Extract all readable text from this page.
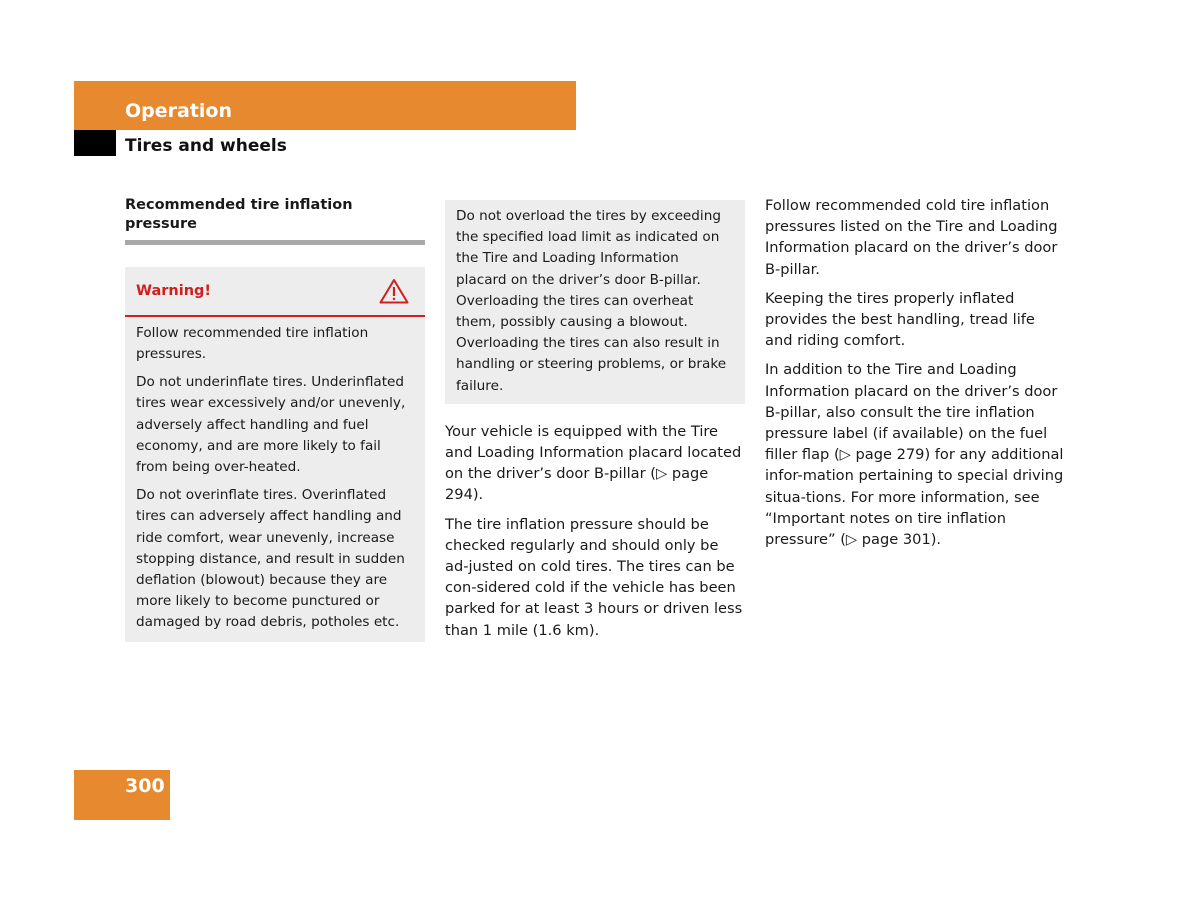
Operation
Tires and wheels
Recommended tire inflation pressure
Warning!

Follow recommended tire inflation pressures.

Do not underinflate tires. Underinflated tires wear excessively and/or unevenly, adversely affect handling and fuel economy, and are more likely to fail from being over-heated.

Do not overinflate tires. Overinflated tires can adversely affect handling and ride comfort, wear unevenly, increase stopping distance, and result in sudden deflation (blowout) because they are more likely to become punctured or damaged by road debris, potholes etc.

Do not overload the tires by exceeding the specified load limit as indicated on the Tire and Loading Information placard on the driver’s door B-pillar. Overloading the tires can overheat them, possibly causing a blowout. Overloading the tires can also result in handling or steering problems, or brake failure.

Your vehicle is equipped with the Tire and Loading Information placard located on the driver’s door B-pillar (▷ page 294).

The tire inflation pressure should be checked regularly and should only be ad-justed on cold tires. The tires can be con-sidered cold if the vehicle has been parked for at least 3 hours or driven less than 1 mile (1.6 km).

Follow recommended cold tire inflation pressures listed on the Tire and Loading Information placard on the driver’s door B-pillar.

Keeping the tires properly inflated provides the best handling, tread life and riding comfort.

In addition to the Tire and Loading Information placard on the driver’s door B-pillar, also consult the tire inflation pressure label (if available) on the fuel filler flap (▷ page 279) for any additional infor-mation pertaining to special driving situa-tions. For more information, see “Important notes on tire inflation pressure” (▷ page 301).

300
